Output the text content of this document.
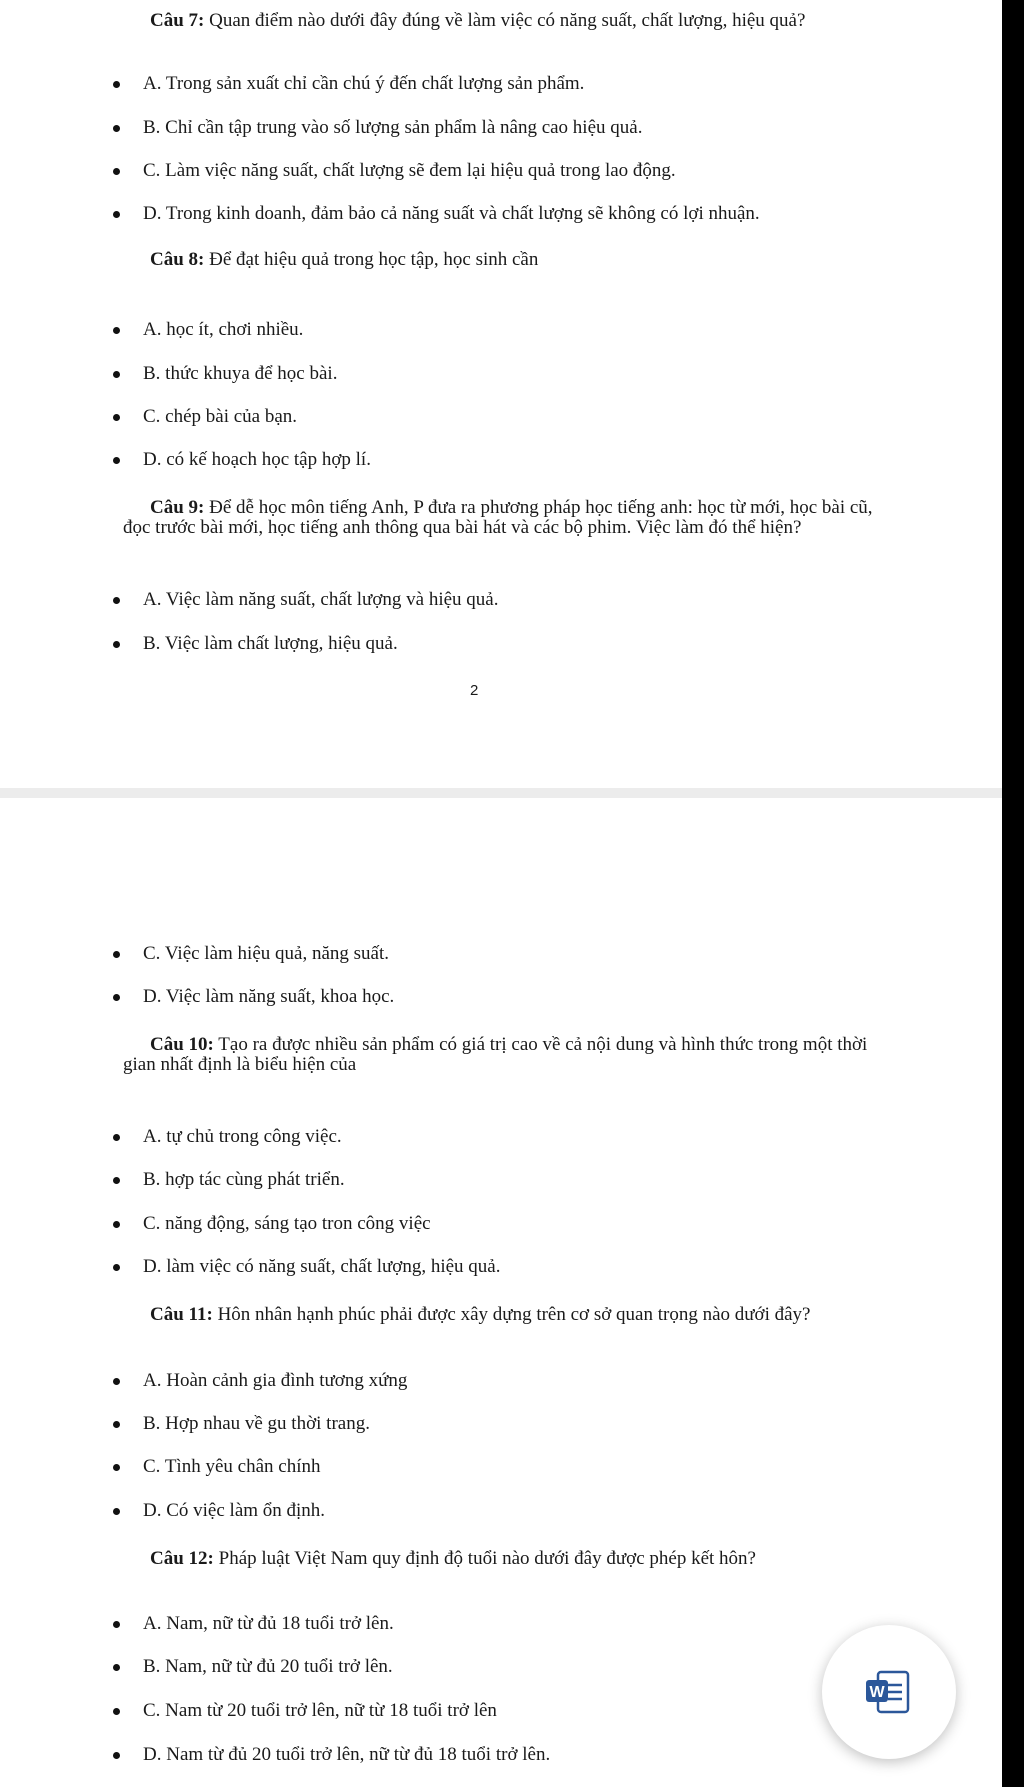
Câu 7: Quan điểm nào dưới đây đúng về làm việc có năng suất, chất lượng, hiệu quả?
A. Trong sản xuất chỉ cần chú ý đến chất lượng sản phẩm.
B. Chỉ cần tập trung vào số lượng sản phẩm là nâng cao hiệu quả.
C. Làm việc năng suất, chất lượng sẽ đem lại hiệu quả trong lao động.
D. Trong kinh doanh, đảm bảo cả năng suất và chất lượng sẽ không có lợi nhuận.
Câu 8: Để đạt hiệu quả trong học tập, học sinh cần
A. học ít, chơi nhiều.
B. thức khuya để học bài.
C. chép bài của bạn.
D. có kế hoạch học tập hợp lí.
Câu 9: Để dễ học môn tiếng Anh, P đưa ra phương pháp học tiếng anh: học từ mới, học bài cũ, đọc trước bài mới, học tiếng anh thông qua bài hát và các bộ phim. Việc làm đó thể hiện?
A. Việc làm năng suất, chất lượng và hiệu quả.
B. Việc làm chất lượng, hiệu quả.
2
C. Việc làm hiệu quả, năng suất.
D. Việc làm năng suất, khoa học.
Câu 10: Tạo ra được nhiều sản phẩm có giá trị cao về cả nội dung và hình thức trong một thời gian nhất định là biểu hiện của
A. tự chủ trong công việc.
B. hợp tác cùng phát triển.
C. năng động, sáng tạo tron công việc
D. làm việc có năng suất, chất lượng, hiệu quả.
Câu 11: Hôn nhân hạnh phúc phải được xây dựng trên cơ sở quan trọng nào dưới đây?
A. Hoàn cảnh gia đình tương xứng
B. Hợp nhau về gu thời trang.
C. Tình yêu chân chính
D. Có việc làm ổn định.
Câu 12: Pháp luật Việt Nam quy định độ tuổi nào dưới đây được phép kết hôn?
A. Nam, nữ từ đủ 18 tuổi trở lên.
B. Nam, nữ từ đủ 20 tuổi trở lên.
C. Nam từ 20 tuổi trở lên, nữ từ 18 tuổi trở lên
D. Nam từ đủ 20 tuổi trở lên, nữ từ đủ 18 tuổi trở lên.
W
